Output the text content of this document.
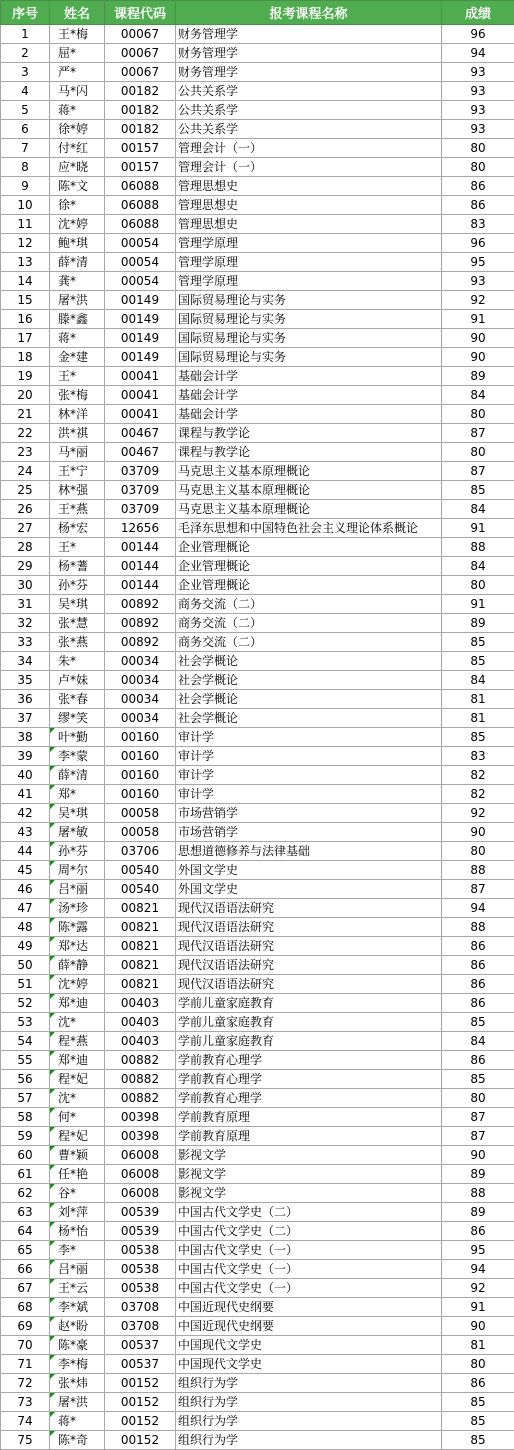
序号	姓名	课程代码	报考课程名称	成绩
1	王*梅	00067	财务管理学	96
2	屈*	00067	财务管理学	94
3	严*	00067	财务管理学	93
4	马*闪	00182	公共关系学	93
5	蒋*	00182	公共关系学	93
6	徐*婷	00182	公共关系学	93
7	付*红	00157	管理会计（一）	80
8	应*晓	00157	管理会计（一）	80
9	陈*文	06088	管理思想史	86
10	徐*	06088	管理思想史	86
11	沈*婷	06088	管理思想史	83
12	鲍*琪	00054	管理学原理	96
13	薛*清	00054	管理学原理	95
14	龚*	00054	管理学原理	93
15	屠*洪	00149	国际贸易理论与实务	92
16	滕*鑫	00149	国际贸易理论与实务	91
17	蒋*	00149	国际贸易理论与实务	90
18	金*建	00149	国际贸易理论与实务	90
19	王*	00041	基础会计学	89
20	张*梅	00041	基础会计学	84
21	林*洋	00041	基础会计学	80
22	洪*祺	00467	课程与教学论	87
23	马*丽	00467	课程与教学论	80
24	王*宁	03709	马克思主义基本原理概论	87
25	林*强	03709	马克思主义基本原理概论	85
26	王*燕	03709	马克思主义基本原理概论	84
27	杨*宏	12656	毛泽东思想和中国特色社会主义理论体系概论	91
28	王*	00144	企业管理概论	88
29	杨*蓍	00144	企业管理概论	84
30	孙*芬	00144	企业管理概论	80
31	吴*琪	00892	商务交流（二）	91
32	张*慧	00892	商务交流（二）	89
33	张*燕	00892	商务交流（二）	85
34	朱*	00034	社会学概论	85
35	卢*妹	00034	社会学概论	84
36	张*春	00034	社会学概论	81
37	缪*笑	00034	社会学概论	81
38	叶*勤	00160	审计学	85
39	李*蒙	00160	审计学	83
40	薛*清	00160	审计学	82
41	郑*	00160	审计学	82
42	吴*琪	00058	市场营销学	92
43	屠*敏	00058	市场营销学	90
44	孙*芬	03706	思想道德修养与法律基础	80
45	周*尔	00540	外国文学史	88
46	吕*丽	00540	外国文学史	87
47	汤*珍	00821	现代汉语语法研究	94
48	陈*露	00821	现代汉语语法研究	88
49	郑*达	00821	现代汉语语法研究	86
50	薛*静	00821	现代汉语语法研究	86
51	沈*婷	00821	现代汉语语法研究	86
52	郑*迪	00403	学前儿童家庭教育	86
53	沈*	00403	学前儿童家庭教育	85
54	程*燕	00403	学前儿童家庭教育	84
55	郑*迪	00882	学前教育心理学	86
56	程*妃	00882	学前教育心理学	85
57	沈*	00882	学前教育心理学	80
58	何*	00398	学前教育原理	87
59	程*妃	00398	学前教育原理	87
60	曹*颖	06008	影视文学	90
61	任*艳	06008	影视文学	89
62	谷*	06008	影视文学	88
63	刘*萍	00539	中国古代文学史（二）	89
64	杨*怡	00539	中国古代文学史（二）	86
65	李*	00538	中国古代文学史（一）	95
66	吕*丽	00538	中国古代文学史（一）	94
67	王*云	00538	中国古代文学史（一）	92
68	李*斌	03708	中国近现代史纲要	91
69	赵*盼	03708	中国近现代史纲要	90
70	陈*豪	00537	中国现代文学史	81
71	李*梅	00537	中国现代文学史	80
72	张*炜	00152	组织行为学	86
73	屠*洪	00152	组织行为学	85
74	蒋*	00152	组织行为学	85
75	陈*奇	00152	组织行为学	85
